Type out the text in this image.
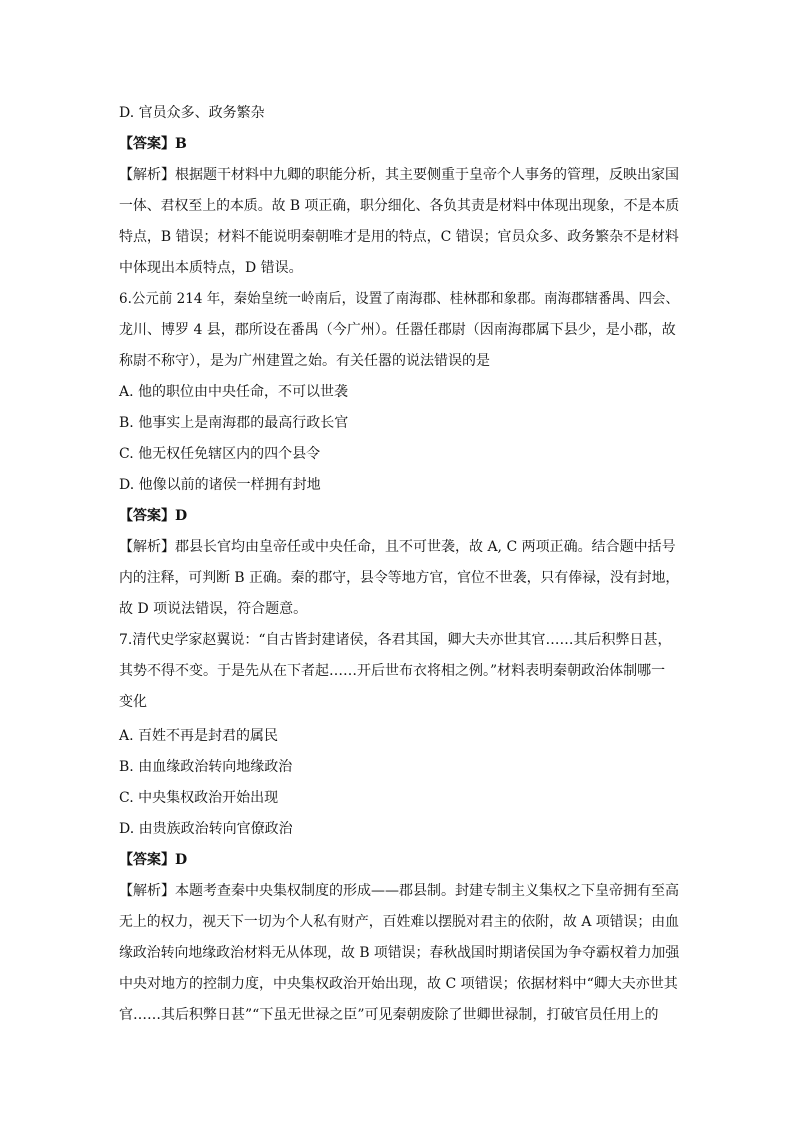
D. 官员众多、政务繁杂
【答案】B
【解析】根据题干材料中九卿的职能分析，其主要侧重于皇帝个人事务的管理，反映出家国
一体、君权至上的本质。故 B 项正确，职分细化、各负其责是材料中体现出现象，不是本质
特点，B 错误；材料不能说明秦朝唯才是用的特点，C 错误；官员众多、政务繁杂不是材料
中体现出本质特点，D 错误。
6.公元前 214 年，秦始皇统一岭南后，设置了南海郡、桂林郡和象郡。南海郡辖番禺、四会、
龙川、博罗 4 县，郡所设在番禺（今广州）。任嚣任郡尉（因南海郡属下县少，是小郡，故
称尉不称守），是为广州建置之始。有关任嚣的说法错误的是
A. 他的职位由中央任命，不可以世袭
B. 他事实上是南海郡的最高行政长官
C. 他无权任免辖区内的四个县令
D. 他像以前的诸侯一样拥有封地
【答案】D
【解析】郡县长官均由皇帝任或中央任命，且不可世袭，故 A, C 两项正确。结合题中括号
内的注释，可判断 B 正确。秦的郡守，县令等地方官，官位不世袭，只有俸禄，没有封地，
故 D 项说法错误，符合题意。
7.清代史学家赵翼说：“自古皆封建诸侯，各君其国，卿大夫亦世其官……其后积弊日甚，
其势不得不变。于是先从在下者起……开后世布衣将相之例。”材料表明秦朝政治体制哪一
变化
A. 百姓不再是封君的属民
B. 由血缘政治转向地缘政治
C. 中央集权政治开始出现
D. 由贵族政治转向官僚政治
【答案】D
【解析】本题考查秦中央集权制度的形成——郡县制。封建专制主义集权之下皇帝拥有至高
无上的权力，视天下一切为个人私有财产，百姓难以摆脱对君主的依附，故 A 项错误；由血
缘政治转向地缘政治材料无从体现，故 B 项错误；春秋战国时期诸侯国为争夺霸权着力加强
中央对地方的控制力度，中央集权政治开始出现，故 C 项错误；依据材料中“卿大夫亦世其
官……其后积弊日甚”“下虽无世禄之臣”可见秦朝废除了世卿世禄制，打破官员任用上的
